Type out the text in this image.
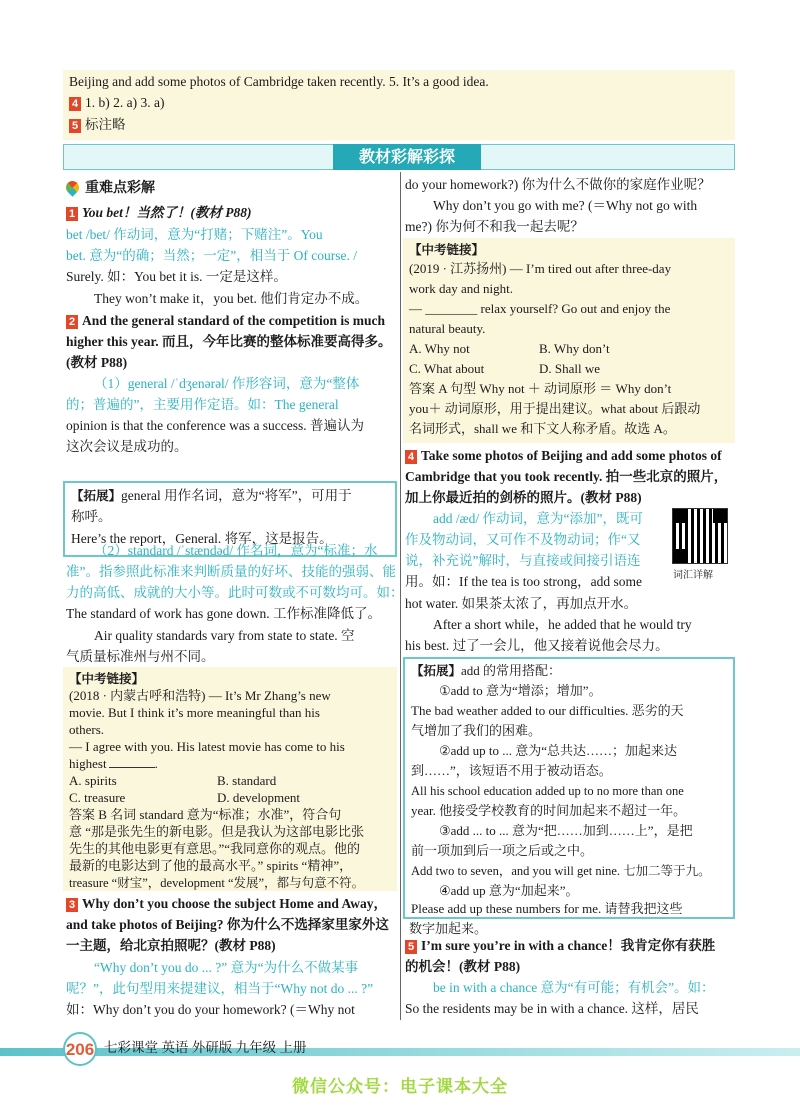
Beijing and add some photos of Cambridge taken recently. 5. It’s a good idea.
4 1. b) 2. a) 3. a)
5 标注略
教材彩解彩探
重难点彩解
1 You bet！当然了！(教材 P88)
bet /bet/ 作动词，意为“打赌；下赌注”。You
bet. 意为“的确；当然；一定”，相当于 Of course. /
Surely. 如：You bet it is. 一定是这样。
They won’t make it，you bet. 他们肯定办不成。
2 And the general standard of the competition is much
higher this year. 而且，今年比赛的整体标准要高得多。
(教材 P88)
（1）general /ˈdʒenərəl/ 作形容词，意为“整体
的；普遍的”，主要用作定语。如：The general
opinion is that the conference was a success. 普遍认为
这次会议是成功的。
【拓展】general 用作名词，意为“将军”，可用于
称呼。
Here’s the report，General. 将军，这是报告。
（2）standard /ˈstændəd/ 作名词，意为“标准；水
准”。指参照此标准来判断质量的好坏、技能的强弱、能
力的高低、成就的大小等。此时可数或不可数均可。如：
The standard of work has gone down. 工作标准降低了。
Air quality standards vary from state to state. 空
气质量标准州与州不同。
【中考链接】
(2018 · 内蒙古呼和浩特) — It’s Mr Zhang’s new
movie. But I think it’s more meaningful than his
others.
— I agree with you. His latest movie has come to his
highest	.
A. spirits	B. standard
C. treasure	D. development
答案 B 名词 standard 意为“标准；水准”，符合句
意 “那是张先生的新电影。但是我认为这部电影比张
先生的其他电影更有意思。”“我同意你的观点。他的
最新的电影达到了他的最高水平。” spirits “精神”，
treasure “财宝”，development “发展”，都与句意不符。
3 Why don’t you choose the subject Home and Away，
and take photos of Beijing? 你为什么不选择家里家外这
一主题，给北京拍照呢？(教材 P88)
“Why don’t you do ... ?” 意为“为什么不做某事
呢？”，此句型用来提建议，相当于“Why not do ... ?”
如：Why don’t you do your homework? (＝Why not
do your homework?) 你为什么不做你的家庭作业呢？
Why don’t you go with me? (＝Why not go with
me?) 你为何不和我一起去呢？
【中考链接】
(2019 · 江苏扬州) — I’m tired out after three-day
work day and night.
— ________ relax yourself? Go out and enjoy the
natural beauty.
A. Why not	B. Why don’t
C. What about	D. Shall we
答案 A 句型 Why not ＋ 动词原形 ＝ Why don’t
you＋ 动词原形，用于提出建议。what about 后跟动
名词形式，shall we 和下文人称矛盾。故选 A。
4 Take some photos of Beijing and add some photos of
Cambridge that you took recently. 拍一些北京的照片，
加上你最近拍的剑桥的照片。(教材 P88)
add /æd/ 作动词，意为“添加”，既可
作及物动词，又可作不及物动词；作“又
说，补充说”解时，与直接或间接引语连
用。如：If the tea is too strong，add some
hot water. 如果茶太浓了，再加点开水。
After a short while，he added that he would try
his best. 过了一会儿，他又接着说他会尽力。
词汇详解
【拓展】add 的常用搭配：
①add to 意为“增添；增加”。
The bad weather added to our difficulties. 恶劣的天
气增加了我们的困难。
②add up to ... 意为“总共达……；加起来达
到……”，该短语不用于被动语态。
All his school education added up to no more than one
year. 他接受学校教育的时间加起来不超过一年。
③add ... to ... 意为“把……加到……上”，是把
前一项加到后一项之后或之中。
Add two to seven，and you will get nine. 七加二等于九。
④add up 意为“加起来”。
Please add up these numbers for me. 请替我把这些
数字加起来。
5 I’m sure you’re in with a chance！我肯定你有获胜
的机会！(教材 P88)
be in with a chance 意为“有可能；有机会”。如：
So the residents may be in with a chance. 这样，居民
206 七彩课堂 英语 外研版 九年级 上册
微信公众号：电子课本大全
